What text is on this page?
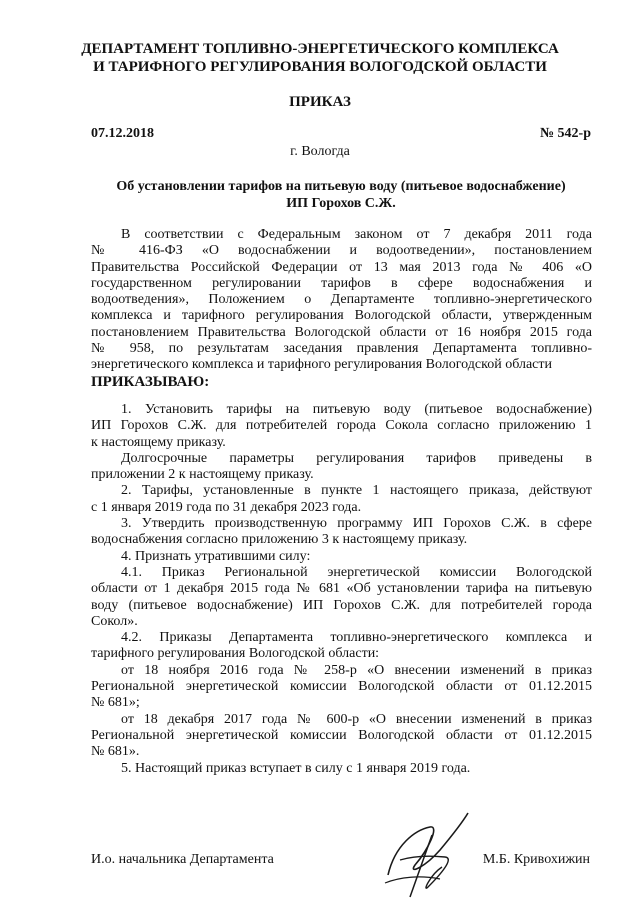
ДЕПАРТАМЕНТ ТОПЛИВНО-ЭНЕРГЕТИЧЕСКОГО КОМПЛЕКСА
И ТАРИФНОГО РЕГУЛИРОВАНИЯ ВОЛОГОДСКОЙ ОБЛАСТИ
ПРИКАЗ
07.12.2018	№ 542-р
г. Вологда
Об установлении тарифов на питьевую воду (питьевое водоснабжение)
ИП Горохов С.Ж.
В соответствии с Федеральным законом от 7 декабря 2011 года
№ 416-ФЗ «О водоснабжении и водоотведении», постановлением
Правительства Российской Федерации от 13 мая 2013 года № 406 «О
государственном регулировании тарифов в сфере водоснабжения и
водоотведения», Положением о Департаменте топливно-энергетического
комплекса и тарифного регулирования Вологодской области, утвержденным
постановлением Правительства Вологодской области от 16 ноября 2015 года
№ 958, по результатам заседания правления Департамента топливно-
энергетического комплекса и тарифного регулирования Вологодской области
ПРИКАЗЫВАЮ:
1. Установить тарифы на питьевую воду (питьевое водоснабжение)
ИП Горохов С.Ж. для потребителей города Сокола согласно приложению 1
к настоящему приказу.
Долгосрочные параметры регулирования тарифов приведены в
приложении 2 к настоящему приказу.
2. Тарифы, установленные в пункте 1 настоящего приказа, действуют
с 1 января 2019 года по 31 декабря 2023 года.
3. Утвердить производственную программу ИП Горохов С.Ж. в сфере
водоснабжения согласно приложению 3 к настоящему приказу.
4. Признать утратившими силу:
4.1. Приказ Региональной энергетической комиссии Вологодской
области от 1 декабря 2015 года № 681 «Об установлении тарифа на питьевую
воду (питьевое водоснабжение) ИП Горохов С.Ж. для потребителей города
Сокол».
4.2. Приказы Департамента топливно-энергетического комплекса и
тарифного регулирования Вологодской области:
от 18 ноября 2016 года № 258-р «О внесении изменений в приказ
Региональной энергетической комиссии Вологодской области от 01.12.2015
№ 681»;
от 18 декабря 2017 года № 600-р «О внесении изменений в приказ
Региональной энергетической комиссии Вологодской области от 01.12.2015
№ 681».
5. Настоящий приказ вступает в силу с 1 января 2019 года.
И.о. начальника Департамента	М.Б. Кривохижин
